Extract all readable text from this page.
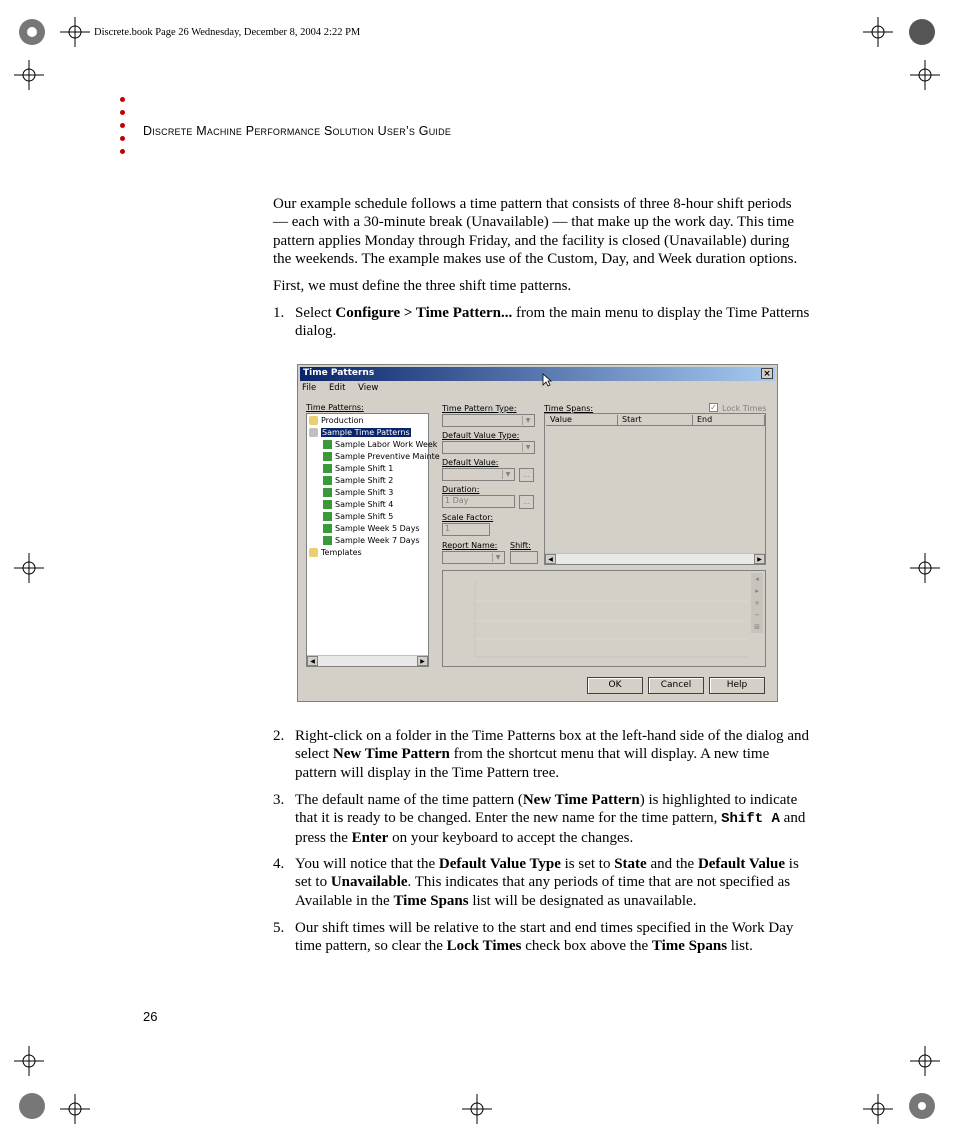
Discrete.book Page 26 Wednesday, December 8, 2004 2:22 PM
Discrete Machine Performance Solution User’s Guide
Our example schedule follows a time pattern that consists of three 8-hour shift periods — each with a 30-minute break (Unavailable) — that make up the work day. This time pattern applies Monday through Friday, and the facility is closed (Unavailable) during the weekends. The example makes use of the Custom, Day, and Week duration options.
First, we must define the three shift time patterns.
1. Select Configure > Time Pattern... from the main menu to display the Time Patterns dialog.
Time Patterns	×
File Edit View
Time Patterns:
Production
Sample Time Patterns
Sample Labor Work Week
Sample Preventive Mainte
Sample Shift 1
Sample Shift 2
Sample Shift 3
Sample Shift 4
Sample Shift 5
Sample Week 5 Days
Sample Week 7 Days
Templates
◀	▶
Time Pattern Type:
▼
Default Value Type:
▼
Default Value:
▼	...
Duration:
1 Day	...
Scale Factor:
1
Report Name:
▼
Shift:
Time Spans:	✓ Lock Times
Value	Start	End
◀	▶
◂
▸
+
−
⊞
OK	Cancel	Help
2. Right-click on a folder in the Time Patterns box at the left-hand side of the dialog and select New Time Pattern from the shortcut menu that will display. A new time pattern will display in the Time Pattern tree.
3. The default name of the time pattern (New Time Pattern) is highlighted to indicate that it is ready to be changed. Enter the new name for the time pattern, Shift A and press the Enter on your keyboard to accept the changes.
4. You will notice that the Default Value Type is set to State and the Default Value is set to Unavailable. This indicates that any periods of time that are not specified as Available in the Time Spans list will be designated as unavailable.
5. Our shift times will be relative to the start and end times specified in the Work Day time pattern, so clear the Lock Times check box above the Time Spans list.
26
